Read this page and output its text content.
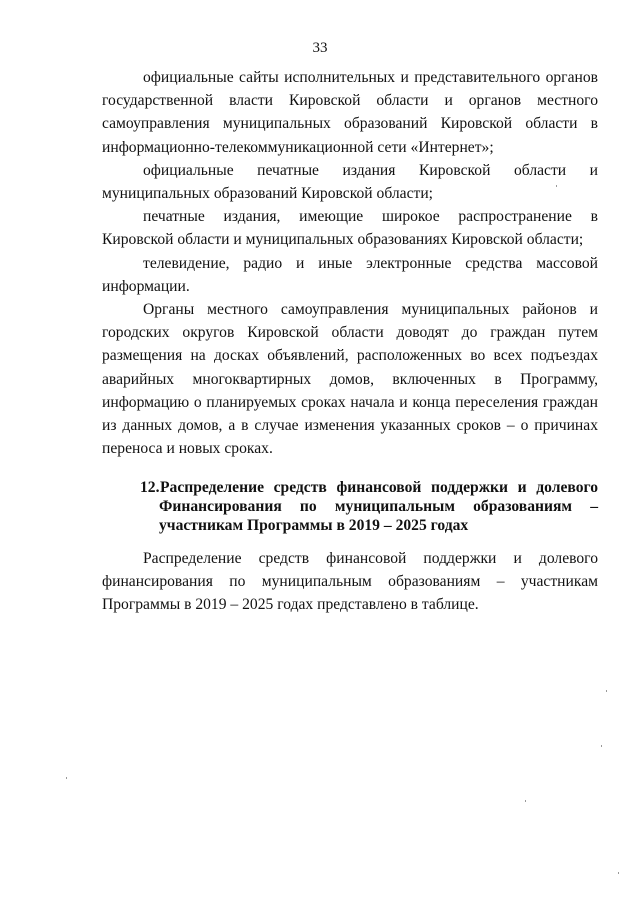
33

официальные сайты исполнительных и представительного органов государственной власти Кировской области и органов местного самоуправления муниципальных образований Кировской области в информационно-телекоммуникационной сети «Интернет»;

официальные печатные издания Кировской области и муниципальных образований Кировской области;

печатные издания, имеющие широкое распространение в Кировской области и муниципальных образованиях Кировской области;

телевидение, радио и иные электронные средства массовой информации.

Органы местного самоуправления муниципальных районов и городских округов Кировской области доводят до граждан путем размещения на досках объявлений, расположенных во всех подъездах аварийных многоквартирных домов, включенных в Программу, информацию о планируемых сроках начала и конца переселения граждан из данных домов, а в случае изменения указанных сроков – о причинах переноса и новых сроках.

12.Распределение средств финансовой поддержки и долевого
Финансирования по муниципальным образованиям –
участникам Программы в 2019 – 2025 годах

Распределение средств финансовой поддержки и долевого финансирования по муниципальным образованиям – участникам Программы в 2019 – 2025 годах представлено в таблице.
